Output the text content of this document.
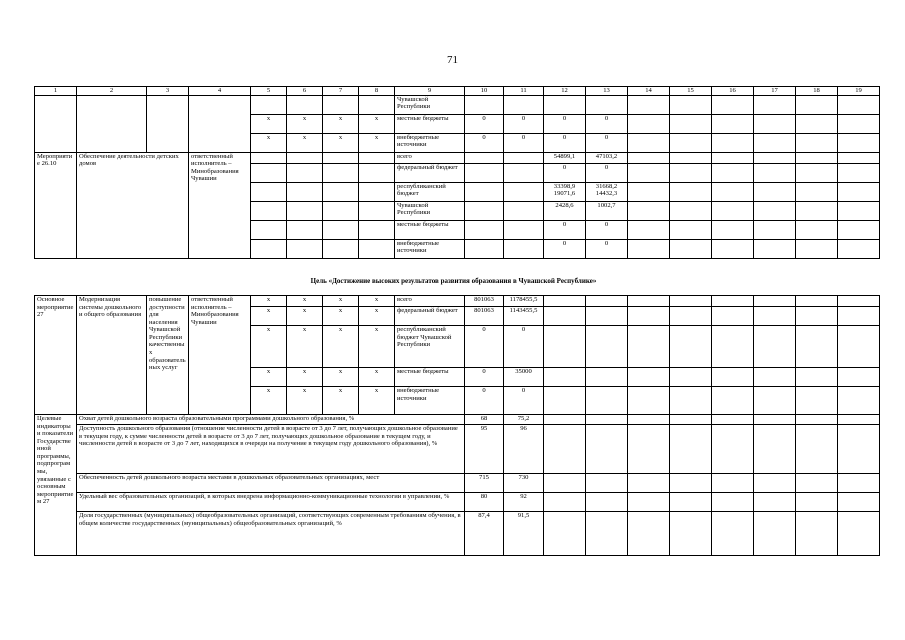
71
1	2	3	4	5	6	7	8	9	10	11	12	13	14	15	16	17	18	19
								Чувашской Республики										
				x	x	x	x	местные бюджеты	0	0	0	0						
				x	x	x	x	внебюджетные источники	0	0	0	0						
Мероприятие 26.10	Обеспечение деятельности детских домов		ответственный исполнитель – Минобразования Чувашии					всего			54899,1	47103,2						
								федеральный бюджет			0	0						
								республиканский бюджет			33398,9 19071,6	31668,2 14432,3						
								Чувашской Республики			2428,6	1002,7						
								местные бюджеты			0	0						
								внебюджетные источники			0	0						
Цель «Достижение высоких результатов развития образования в Чувашской Республике»
Основное мероприятие 27	Модернизация системы дошкольного и общего образования	повышение доступности для населения Чувашской Республики качественных образовательных услуг	ответственный исполнитель – Минобразования Чувашии	x	x	x	x	всего	801063	1178455,5								
				x	x	x	x	федеральный бюджет	801063	1143455,5								
				x	x	x	x	республиканский бюджет Чувашской Республики	0	0								
				x	x	x	x	местные бюджеты	0	35000								
				x	x	x	x	внебюджетные источники	0	0								
Целевые индикаторы и показатели Государственной программы, подпрограммы, увязанные с основным мероприятием 27	Охват детей дошкольного возраста образовательными программами дошкольного образования, %								68	75,2								
	Доступность дошкольного образования (отношение численности детей в возрасте от 3 до 7 лет, получающих дошкольное образование в текущем году, к сумме численности детей в возрасте от 3 до 7 лет, получающих дошкольное образование в текущем году, и численности детей в возрасте от 3 до 7 лет, находящихся в очереди на получение в текущем году дошкольного образования), %								95	96								
	Обеспеченность детей дошкольного возраста местами в дошкольных образовательных организациях, мест								715	730								
	Удельный вес образовательных организаций, в которых внедрена информационно-коммуникационные технологии в управлении, %								80	92								
	Доля государственных (муниципальных) общеобразовательных организаций, соответствующих современным требованиям обучения, в общем количестве государственных (муниципальных) общеобразовательных организаций, %								87,4	91,5								
